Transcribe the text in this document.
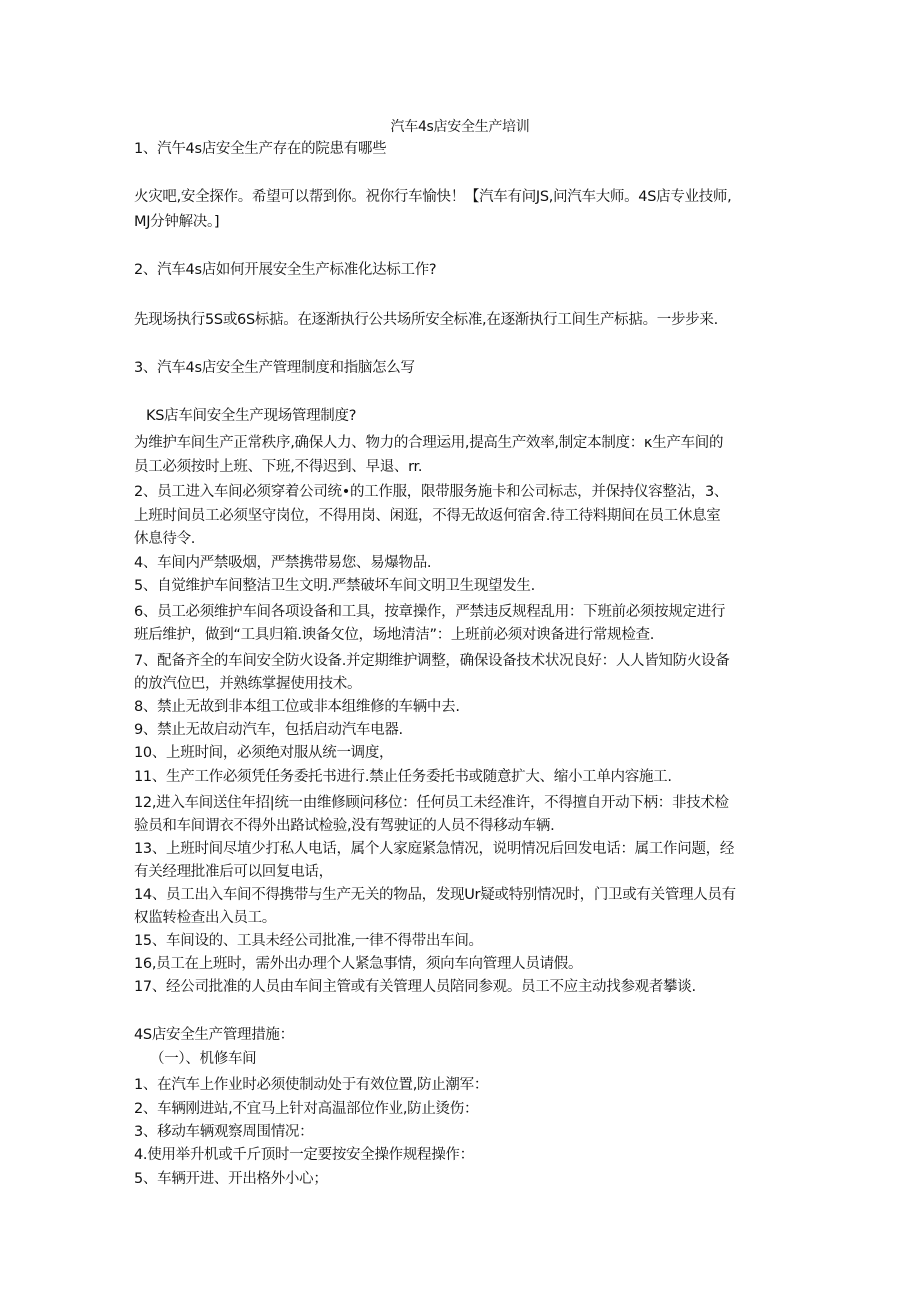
汽车4s店安全生产培训
1、汽午4s店安全生产存在的院患有哪些
火灾吧,安全探作。希望可以帮到你。祝你行车愉快！【汽车有问JS,问汽车大师。4S店专业技师,
MJ分钟解决。]
2、汽车4s店如何开展安全生产标准化达标工作?
先现场执行5S或6S标掂。在逐渐执行公共场所安全标准,在逐渐执行工间生产标掂。一步步来.
3、汽车4s店安全生产管理制度和指脑怎么写
KS店车间安全生产现场管理制度?
为维护车间生产正常秩序,确保人力、物力的合理运用,提高生产效率,制定本制度：κ生产车间的
员工必须按时上班、下班,不得迟到、早退、rr.
2、员工进入车间必须穿着公司统•的工作服，限带服务施卡和公司标志，并保持仪容整沾，3、
上班时间员工必须坚守岗位，不得用岗、闲逛，不得无故返何宿舍.待工待料期间在员工休息室
休息待令.
4、车间内严禁吸烟，严禁携带易您、易爆物品.
5、自觉维护车间整洁卫生文明.严禁破坏车间文明卫生现望发生.
6、员工必须维护车间各项设备和工具，按章操作，严禁违反规程乱用：下班前必须按规定进行
班后维护，做到“工具归箱.谀备攵位，场地清洁”：上班前必须对谀备进行常规检查.
7、配备齐全的车间安全防火设备.并定期维护调整，确保设备技术状况良好：人人皆知防火设备
的放汽位巴，并熟练掌握使用技术。
8、禁止无故到非本组工位或非本组维修的车辆中去.
9、禁止无故启动汽车，包括启动汽车电器.
10、上班时间，必须绝对服从统一调度，
11、生产工作必须凭任务委托书进行.禁止任务委托书或随意扩大、缩小工单内容施工.
12,进入车间送住年招|统一由维修顾问移位：任何员工未经准许，不得擅自开动下柄：非技术检
验员和车间谓衣不得外出路试检验,没有驾驶证的人员不得移动车辆.
13、上班时间尽埴少打私人电话，属个人家庭紧急情况，说明情况后回发电话：属工作问题，经
有关经理批准后可以回复电话，
14、员工出入车间不得携带与生产无关的物品，发现Ur疑或特别情况时，门卫或有关管理人员有
权监转检查出入员工。
15、车间设的、工具未经公司批准,一律不得带出车间。
16,员工在上班时，需外出办理个人紧急事情，须向车向管理人员请假。
17、经公司批准的人员由车间主管或有关管理人员陪同参观。员工不应主动找参观者攀谈.
4S店安全生产管理措施：
（一）、机修车间
1、在汽车上作业时必须使制动处于有效位置,防止潮军：
2、车辆刚进站,不宜马上针对高温部位作业,防止烫伤：
3、移动车辆观察周围情况：
4.使用举升机或千斤顶时一定要按安全操作规程操作：
5、车辆开进、开出格外小心；
